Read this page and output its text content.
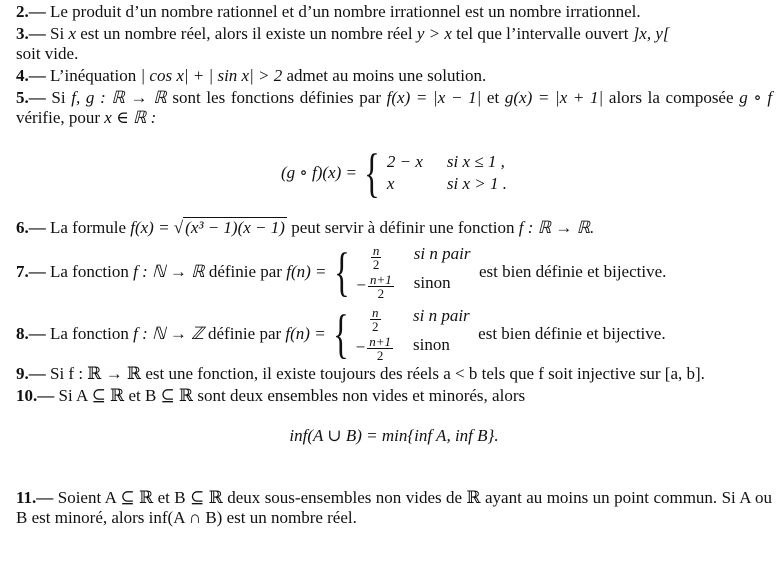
2.— Le produit d’un nombre rationnel et d’un nombre irrationnel est un nombre irrationnel.
3.— Si x est un nombre réel, alors il existe un nombre réel y > x tel que l’intervalle ouvert ]x, y[
soit vide.
4.— L’inéquation | cos x| + | sin x| > 2 admet au moins une solution.
5.— Si f, g : ℝ → ℝ sont les fonctions définies par f(x) = |x − 1| et g(x) = |x + 1| alors la composée g ∘ f vérifie, pour x ∈ ℝ :
(g ∘ f)(x) = { 2 − x si x ≤ 1 ,
x	si x > 1 .
6.— La formule f(x) = √ (x³ − 1)(x − 1) peut servir à définir une fonction f : ℝ → ℝ.
7.—
La fonction
f : ℕ → ℝ
définie par
f(n) = { $\frac{n}{2}$ si n pair
− $\frac{n+1}{2}$ sinon

est bien définie et bijective.
8.—
La fonction
f : ℕ → ℤ
définie par
f(n) = { $\frac{n}{2}$ si n pair
− $\frac{n+1}{2}$ sinon

est bien définie et bijective.
9.— Si f : ℝ → ℝ est une fonction, il existe toujours des réels a < b tels que f soit injective sur [a, b].
10.— Si A ⊆ ℝ et B ⊆ ℝ sont deux ensembles non vides et minorés, alors
inf(A ∪ B) = min{inf A, inf B}.
11.— Soient A ⊆ ℝ et B ⊆ ℝ deux sous-ensembles non vides de ℝ ayant au moins un point commun. Si A ou B est minoré, alors inf(A ∩ B) est un nombre réel.
